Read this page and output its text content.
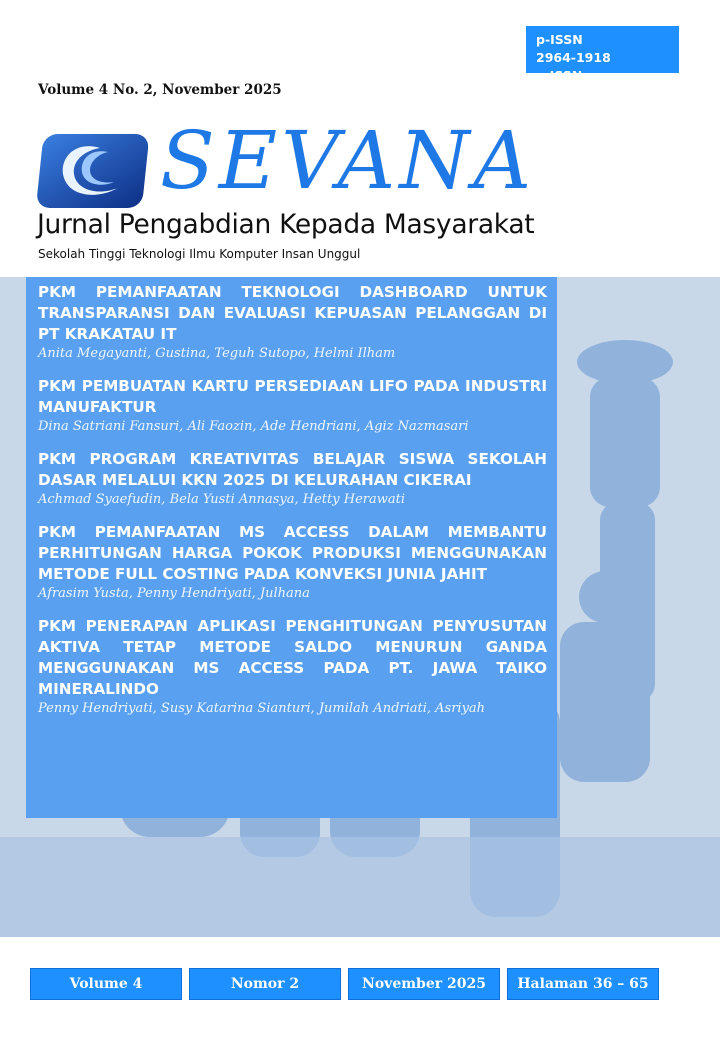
p-ISSN 2964-1918
e-ISSN 2964-237X
Volume 4 No. 2, November 2025
SEVANA
Jurnal Pengabdian Kepada Masyarakat
Sekolah Tinggi Teknologi Ilmu Komputer Insan Unggul
PKM PEMANFAATAN TEKNOLOGI DASHBOARD UNTUK TRANSPARANSI DAN EVALUASI KEPUASAN PELANGGAN DI PT KRAKATAU IT
Anita Megayanti, Gustina, Teguh Sutopo, Helmi Ilham
PKM PEMBUATAN KARTU PERSEDIAAN LIFO PADA INDUSTRI MANUFAKTUR
Dina Satriani Fansuri, Ali Faozin, Ade Hendriani, Agiz Nazmasari
PKM PROGRAM KREATIVITAS BELAJAR SISWA SEKOLAH DASAR MELALUI KKN 2025 DI KELURAHAN CIKERAI
Achmad Syaefudin, Bela Yusti Annasya, Hetty Herawati
PKM PEMANFAATAN MS ACCESS DALAM MEMBANTU PERHITUNGAN HARGA POKOK PRODUKSI MENGGUNAKAN METODE FULL COSTING PADA KONVEKSI JUNIA JAHIT
Afrasim Yusta, Penny Hendriyati, Julhana
PKM PENERAPAN APLIKASI PENGHITUNGAN PENYUSUTAN AKTIVA TETAP METODE SALDO MENURUN GANDA MENGGUNAKAN MS ACCESS PADA PT. JAWA TAIKO MINERALINDO
Penny Hendriyati, Susy Katarina Sianturi, Jumilah Andriati, Asriyah
Volume 4	Nomor 2	November 2025	Halaman 36 – 65
